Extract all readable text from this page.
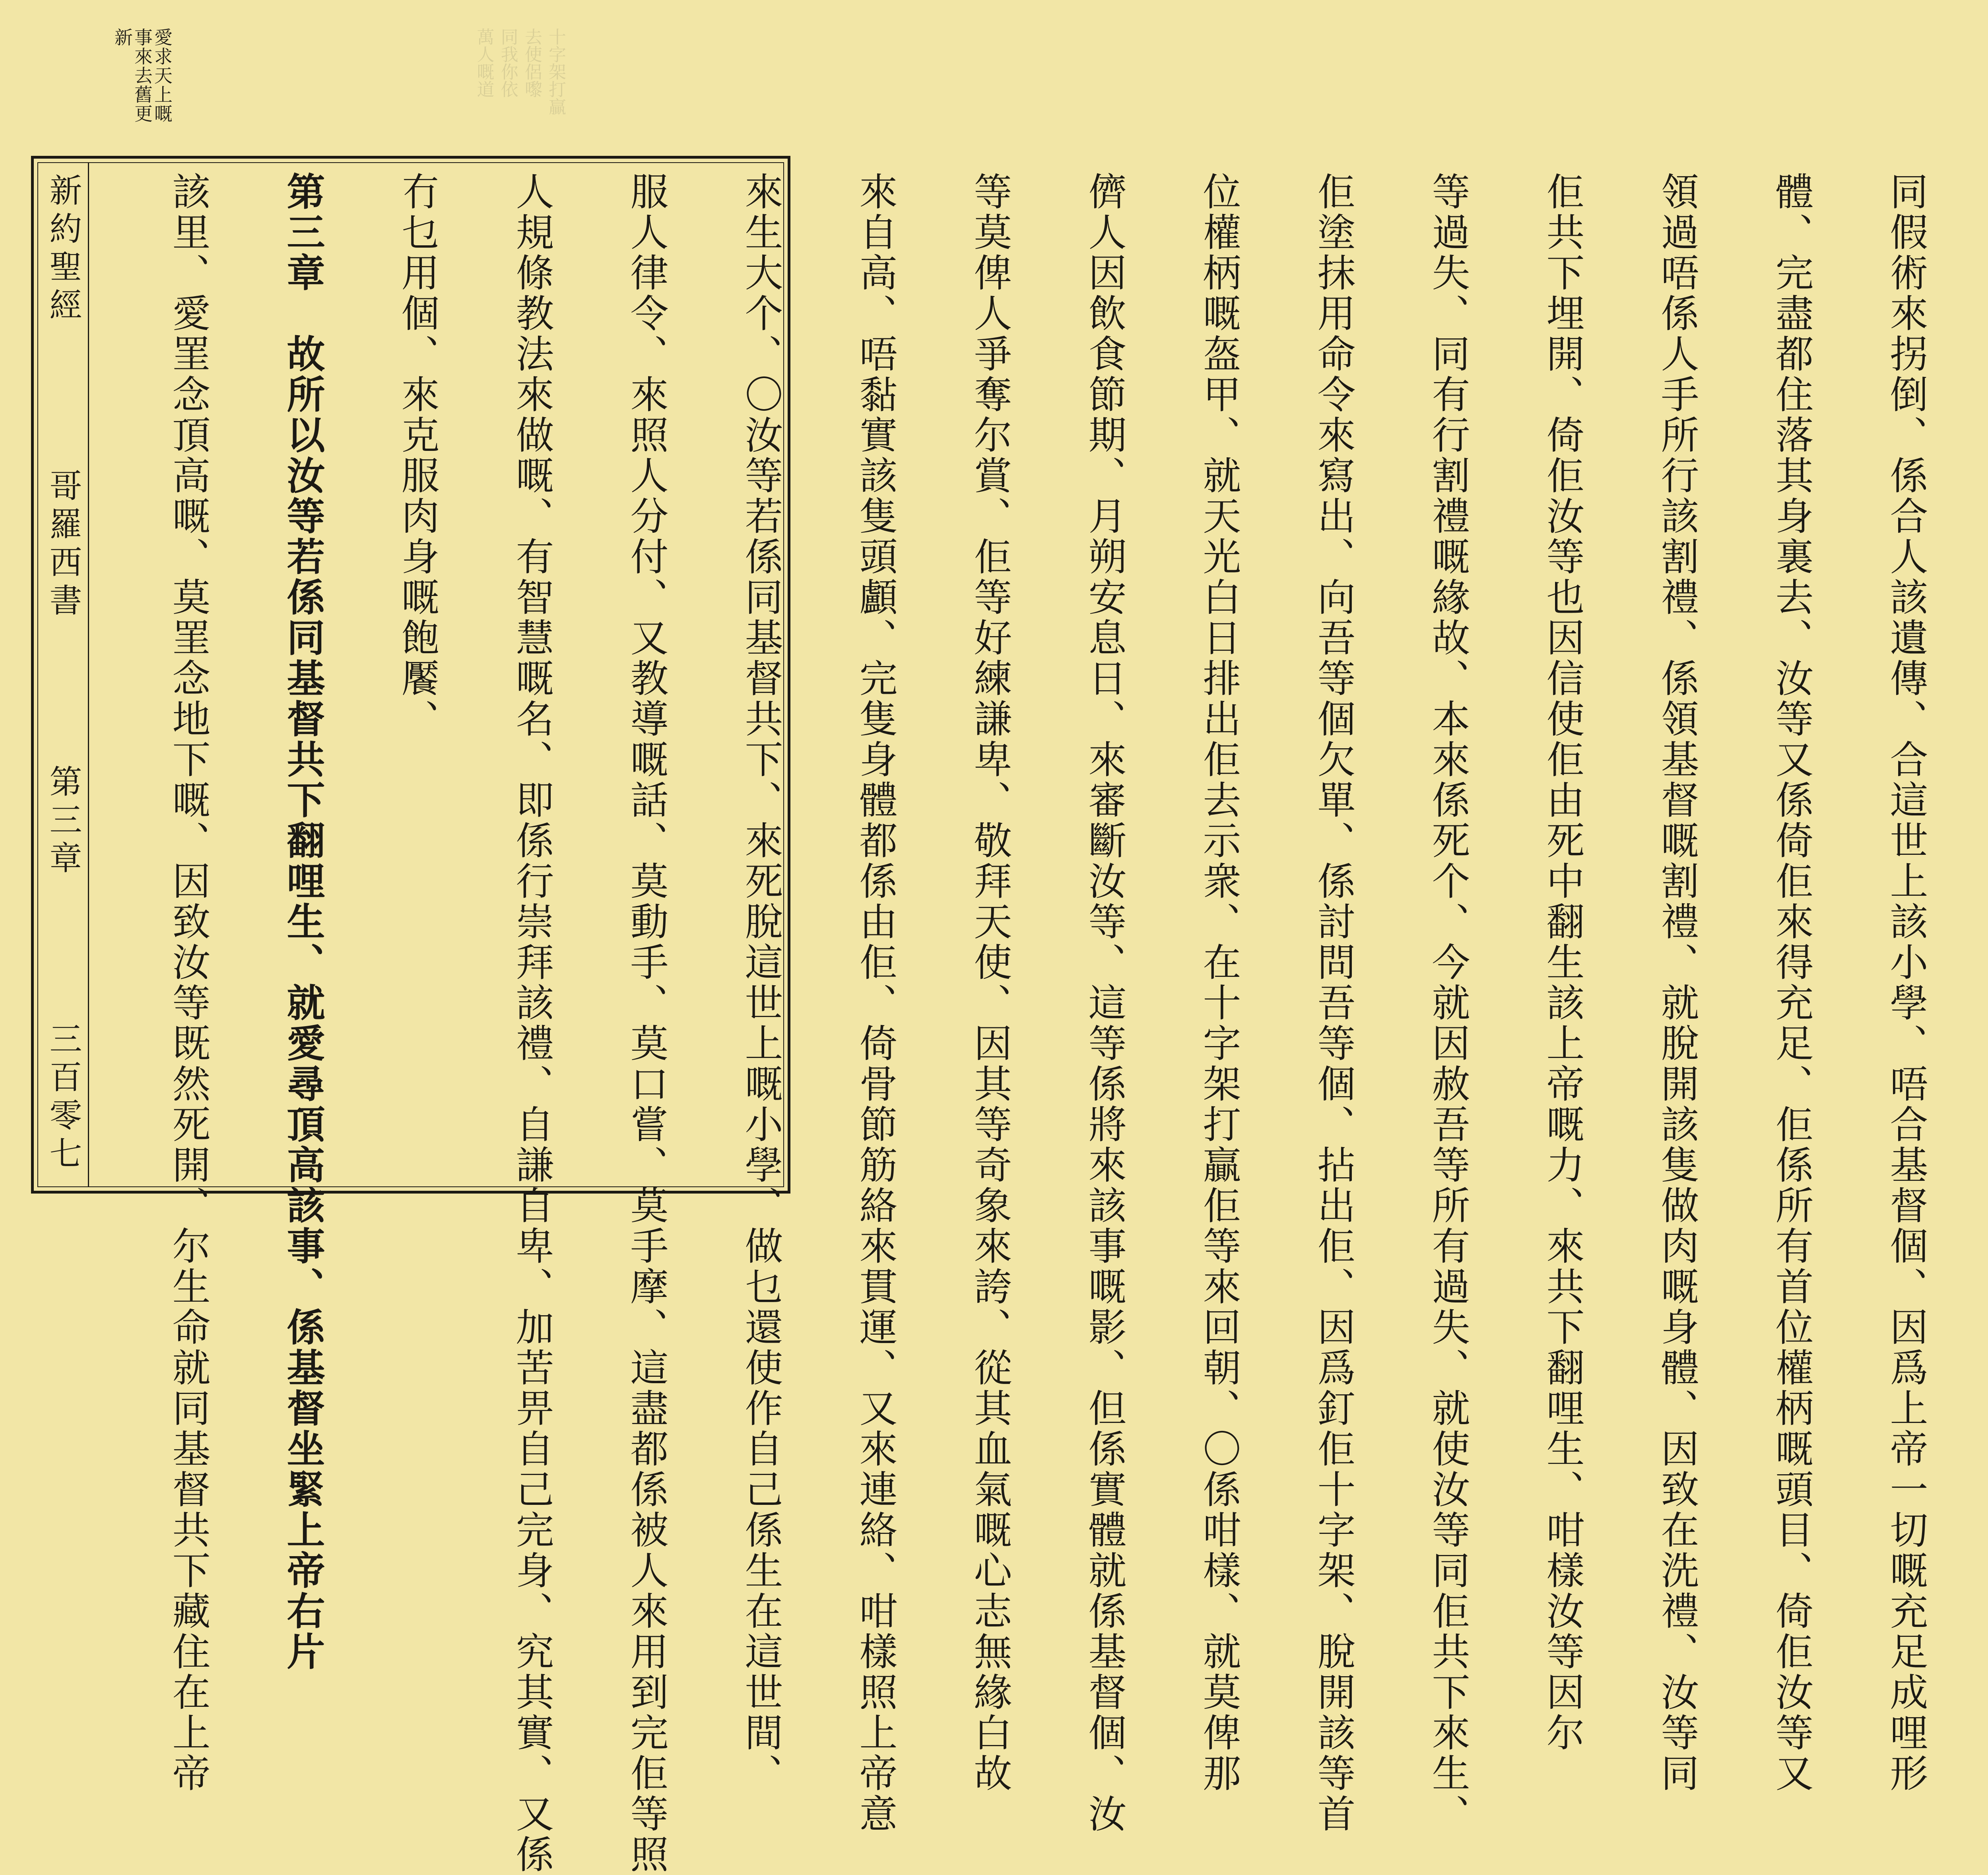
十字架打贏
去使侶嚟
同我你依
萬人嘅道
愛求天上嘅
事來去舊更
新
新約聖經
哥羅西書
第三章
三百零七

	同假術來拐倒、係合人該遺傳、合這世上該小學、唔合基督個、因爲上帝一切嘅充足成哩形

體、完盡都住落其身裏去、汝等又係倚佢來得充足、佢係所有首位權柄嘅頭目、倚佢汝等又

領過唔係人手所行該割禮、係領基督嘅割禮、就脫開該隻做肉嘅身體、因致在洗禮、汝等同

佢共下埋開、倚佢汝等也因信使佢由死中翻生該上帝嘅力、來共下翻哩生、咁樣汝等因尔

等過失、同有行割禮嘅緣故、本來係死个、今就因赦吾等所有過失、就使汝等同佢共下來生、

佢塗抹用命令來寫出、向吾等個欠單、係討問吾等個、拈出佢、因爲釘佢十字架、脫開該等首

位權柄嘅盔甲、就天光白日排出佢去示衆、在十字架打贏佢等來回朝、〇係咁樣、就莫俾那

儕人因飲食節期、月朔安息日、來審斷汝等、這等係將來該事嘅影、但係實體就係基督個、汝

等莫俾人爭奪尔賞、佢等好練謙卑、敬拜天使、因其等奇象來誇、從其血氣嘅心志無緣白故

來自高、唔黏實該隻頭顱、完隻身體都係由佢、倚骨節筋絡來貫運、又來連絡、咁樣照上帝意

來生大个、〇汝等若係同基督共下、來死脫這世上嘅小學、做乜還使作自己係生在這世間、

服人律令、來照人分付、又教導嘅話、莫動手、莫口嘗、莫手摩、這盡都係被人來用到完佢等照

人規條教法來做嘅、有智慧嘅名、即係行崇拜該禮、自謙自卑、加苦畀自己完身、究其實、又係

冇乜用個、來克服肉身嘅飽饜、

第三章　故所以汝等若係同基督共下翻哩生、就愛尋頂高該事、係基督坐緊上帝右片

該里、愛罣念頂高嘅、莫罣念地下嘅、因致汝等既然死開、尔生命就同基督共下藏住在上帝
